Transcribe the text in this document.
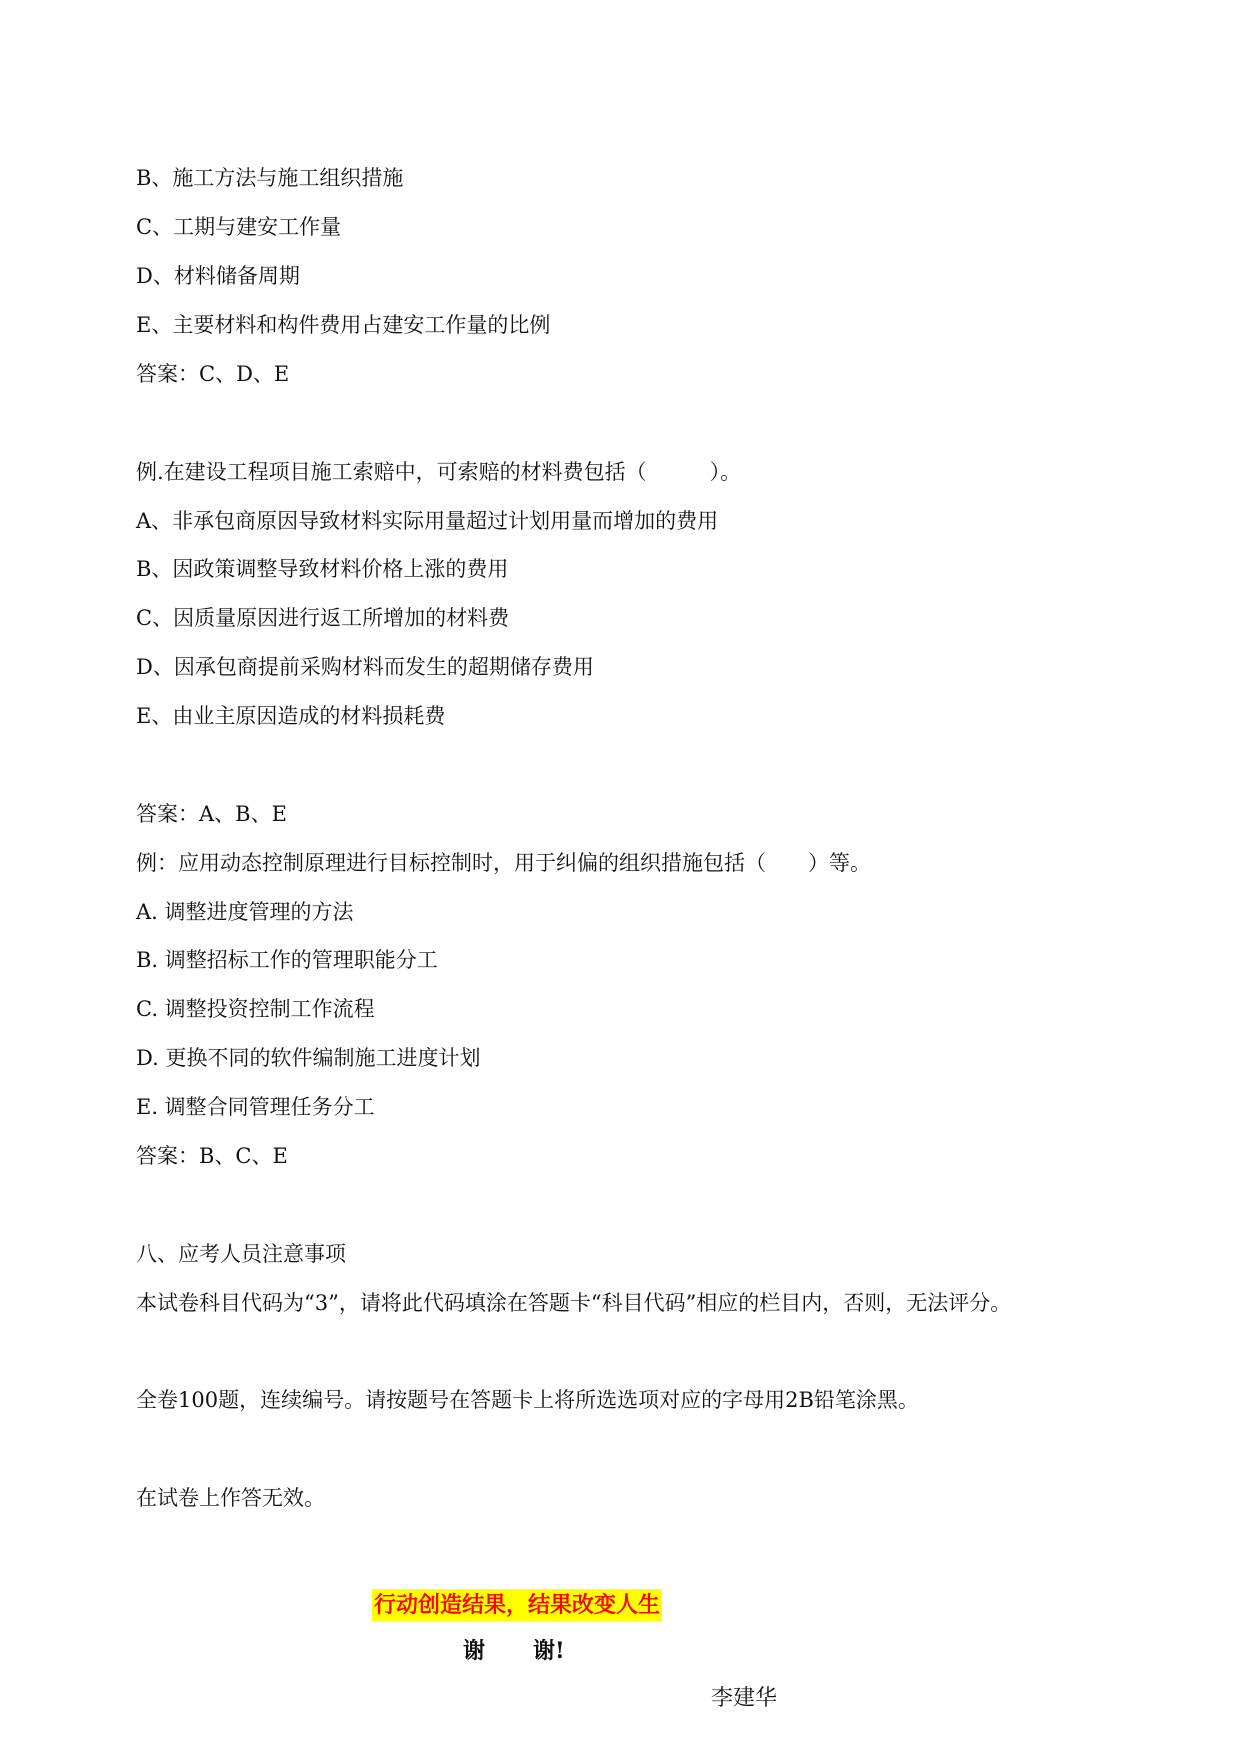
B、施工方法与施工组织措施
C、工期与建安工作量
D、材料储备周期
E、主要材料和构件费用占建安工作量的比例
答案：C、D、E
例.在建设工程项目施工索赔中，可索赔的材料费包括（　　　）。
A、非承包商原因导致材料实际用量超过计划用量而增加的费用
B、因政策调整导致材料价格上涨的费用
C、因质量原因进行返工所增加的材料费
D、因承包商提前采购材料而发生的超期储存费用
E、由业主原因造成的材料损耗费
答案：A、B、E
例：应用动态控制原理进行目标控制时，用于纠偏的组织措施包括（　　）等。
A. 调整进度管理的方法
B. 调整招标工作的管理职能分工
C. 调整投资控制工作流程
D. 更换不同的软件编制施工进度计划
E. 调整合同管理任务分工
答案：B、C、E
八、应考人员注意事项
本试卷科目代码为“3”，请将此代码填涂在答题卡“科目代码”相应的栏目内，否则，无法评分。
全卷100题，连续编号。请按题号在答题卡上将所选选项对应的字母用2B铅笔涂黑。
在试卷上作答无效。
行动创造结果，结果改变人生
谢 谢!
李建华
